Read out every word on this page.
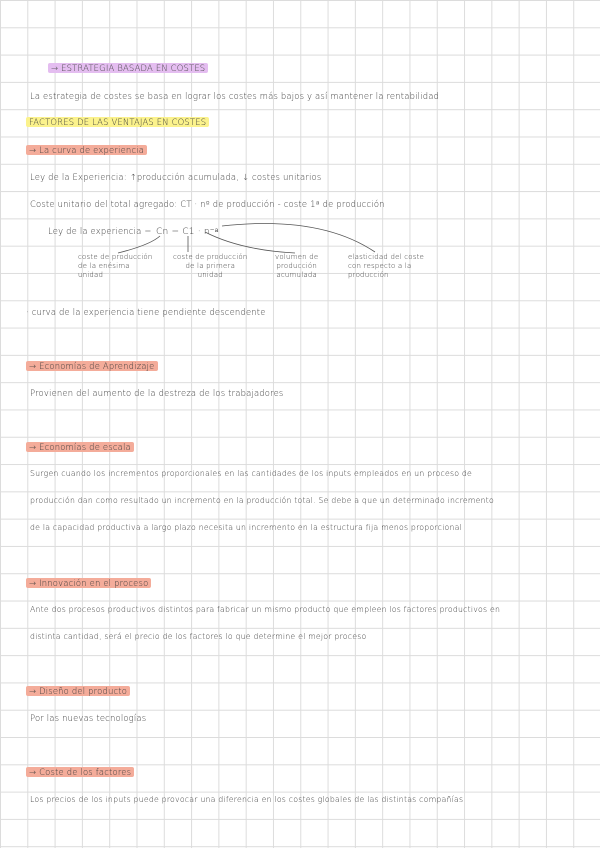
→ ESTRATEGIA BASADA EN COSTES

La estrategia de costes se basa en lograr los costes más bajos y así mantener la rentabilidad

FACTORES DE LAS VENTAJAS EN COSTES

→ La curva de experiencia

Ley de la Experiencia: ↑producción acumulada, ↓ costes unitarios

Coste unitario del total agregado: CT · nº de producción - coste 1ª de producción

Ley de la experiencia = Cn = C1 · n⁻ᵃ

coste de producción
de la enésima
unidad
coste de producción
de la primera
unidad
volumen de
producción
acumulada
elasticidad del coste
con respecto a la
producción

· curva de la experiencia tiene pendiente descendente

→ Economías de Aprendizaje

Provienen del aumento de la destreza de los trabajadores

→ Economías de escala

Surgen cuando los incrementos proporcionales en las cantidades de los inputs empleados en un proceso de

producción dan como resultado un incremento en la producción total. Se debe a que un determinado incremento

de la capacidad productiva a largo plazo necesita un incremento en la estructura fija menos proporcional

→ Innovación en el proceso

Ante dos procesos productivos distintos para fabricar un mismo producto que empleen los factores productivos en

distinta cantidad, será el precio de los factores lo que determine el mejor proceso

→ Diseño del producto

Por las nuevas tecnologías

→ Coste de los factores

Los precios de los inputs puede provocar una diferencia en los costes globales de las distintas compañías
